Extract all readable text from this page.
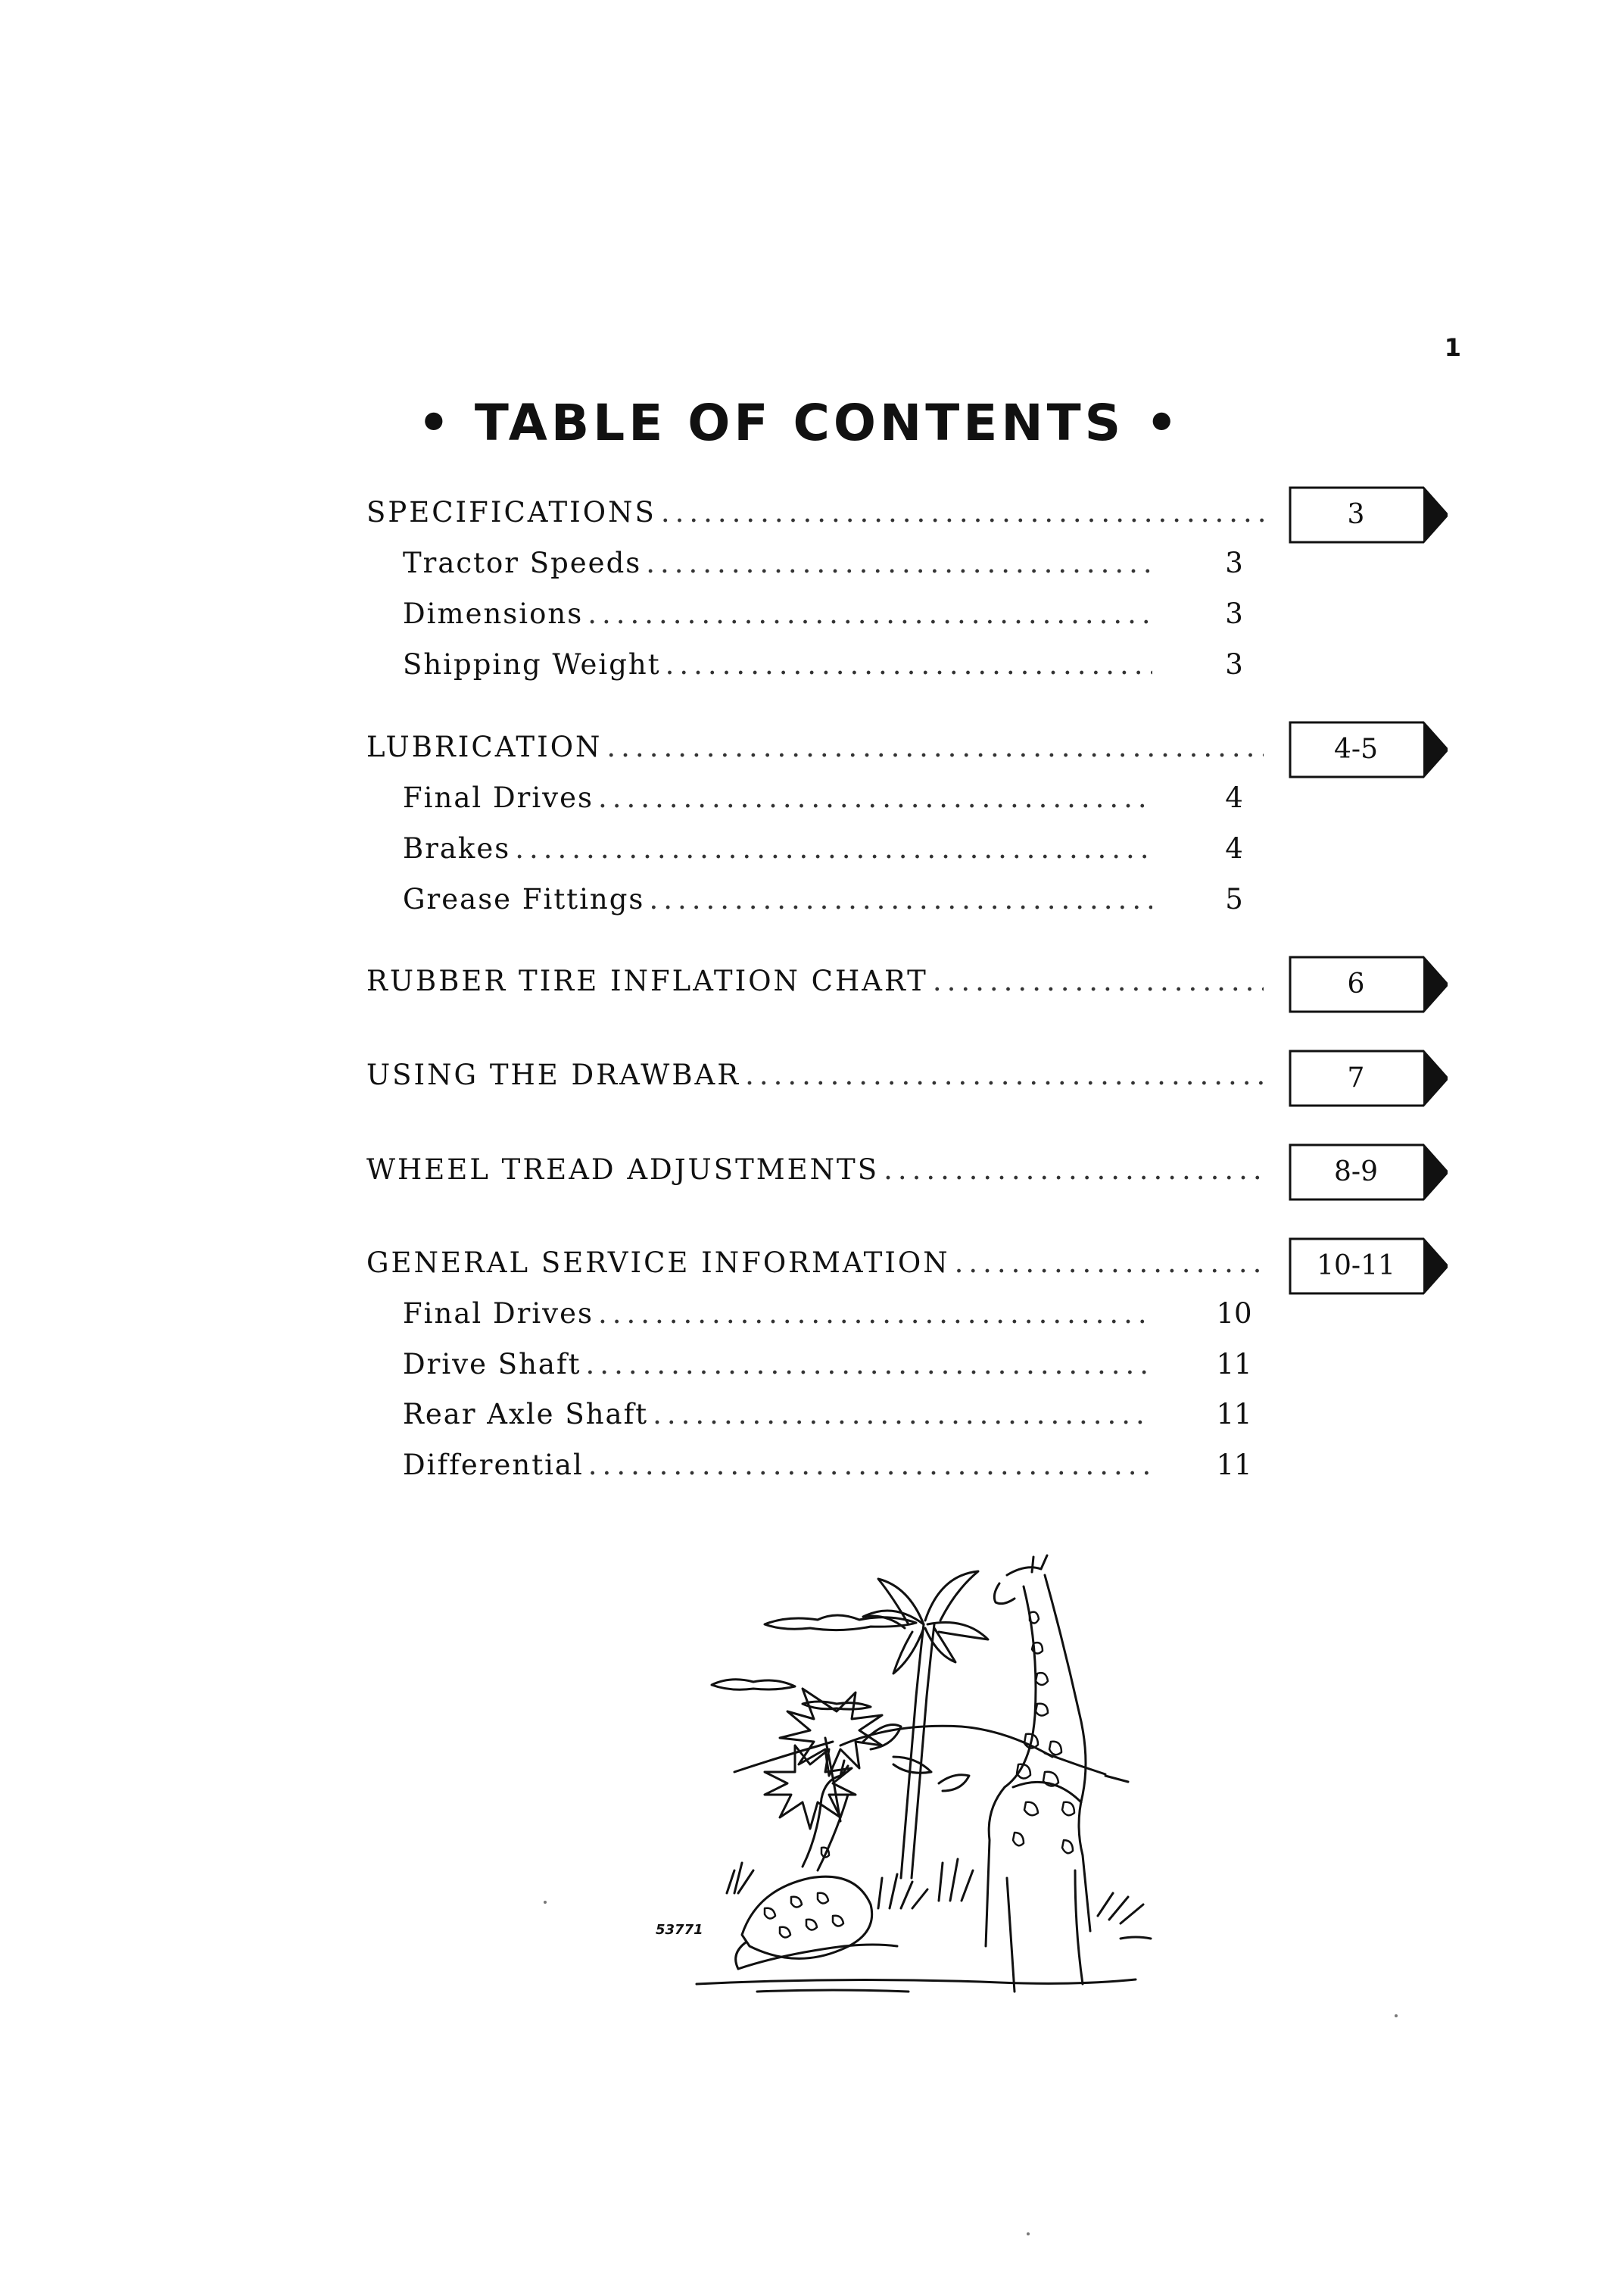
1
• TABLE OF CONTENTS •
SPECIFICATIONS .....	3
Tractor Speeds .....	3
Dimensions .....	3
Shipping Weight .....	3
LUBRICATION .....	4-5
Final Drives .....	4
Brakes .....	4
Grease Fittings .....	5
RUBBER TIRE INFLATION CHART .....	6
USING THE DRAWBAR .....	7
WHEEL TREAD ADJUSTMENTS .....	8-9
GENERAL SERVICE INFORMATION .....	10-11
Final Drives .....	10
Drive Shaft .....	11
Rear Axle Shaft .....	11
Differential .....	11
53771
